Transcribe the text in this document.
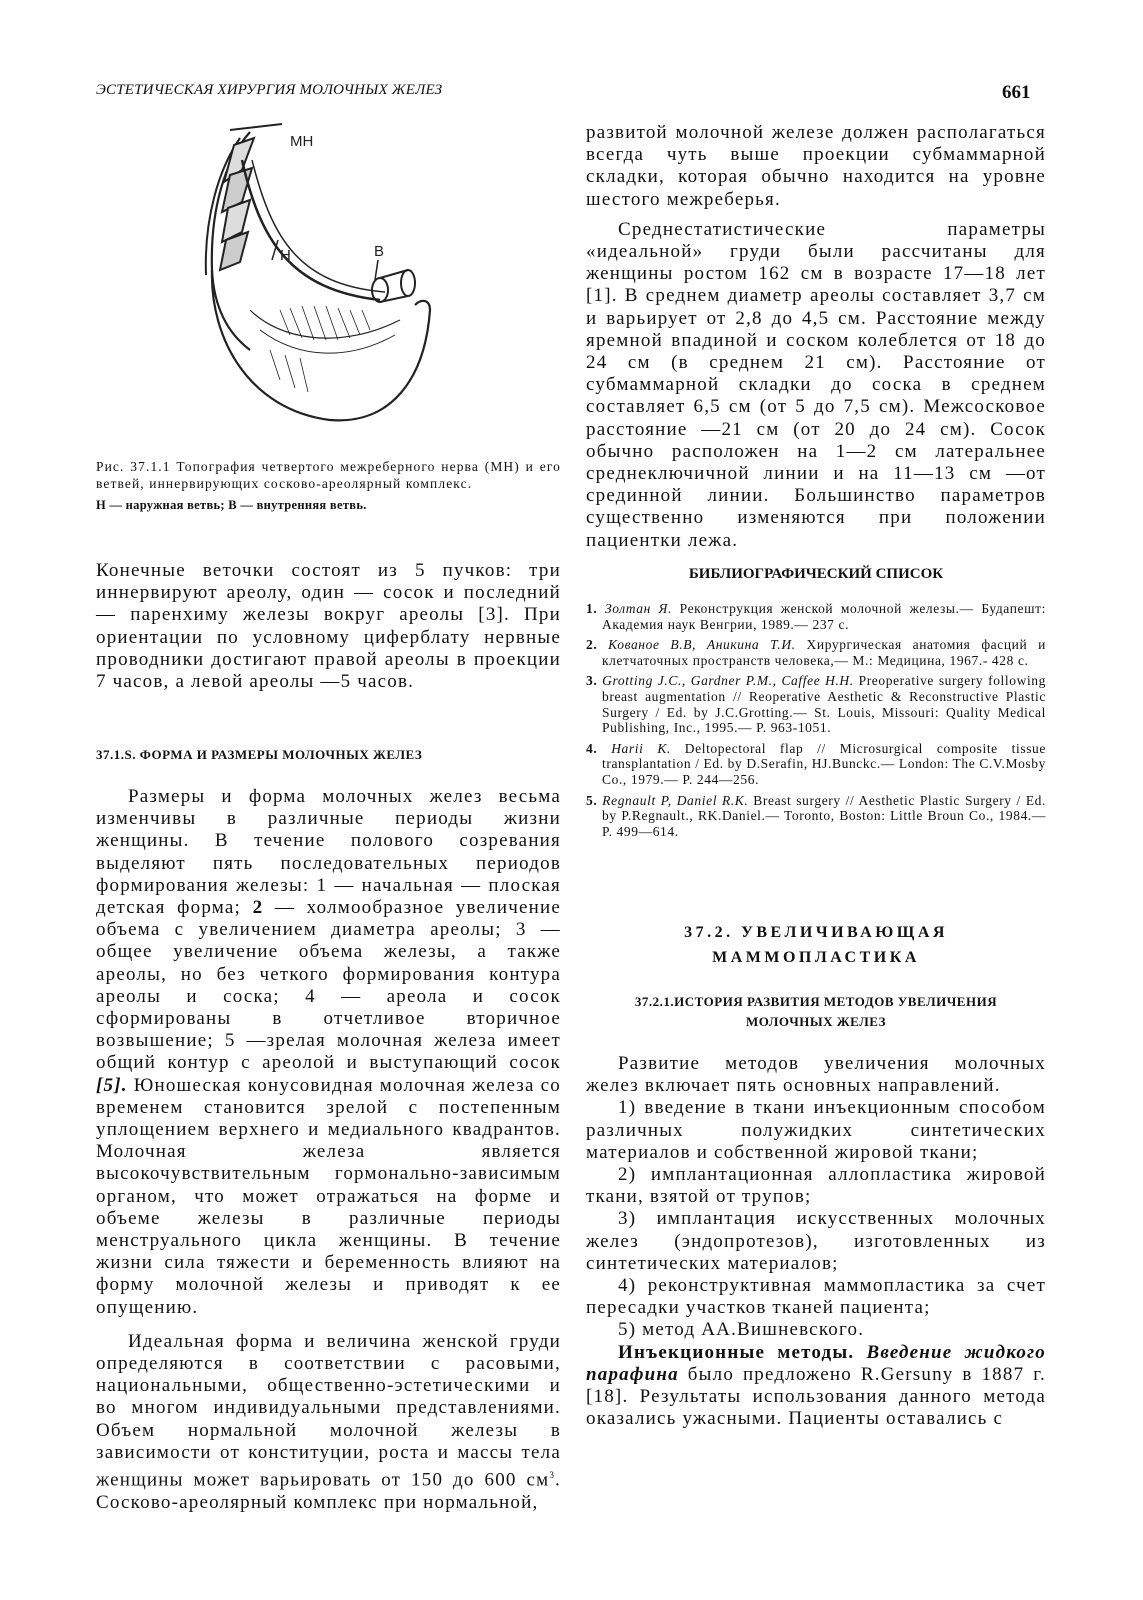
ЭСТЕТИЧЕСКАЯ ХИРУРГИЯ МОЛОЧНЫХ ЖЕЛЕЗ	661
МН
Н	В

Рис. 37.1.1 Топография четвертого межреберного нерва (МН) и его ветвей, иннервирующих сосково-ареолярный комплекс.

Н — наружная ветвь; В — внутренняя ветвь.

Конечные веточки состоят из 5 пучков: три иннервируют ареолу, один — сосок и последний — паренхиму железы вокруг ареолы [3]. При ориентации по условному циферблату нервные проводники достигают правой ареолы в проекции 7 часов, а левой ареолы —5 часов.

37.1.S. ФОРМА И РАЗМЕРЫ МОЛОЧНЫХ ЖЕЛЕЗ

Размеры и форма молочных желез весьма изменчивы в различные периоды жизни женщины. В течение полового созревания выделяют пять последовательных периодов формирования железы: 1 — начальная — плоская детская форма; 2 — холмообразное увеличение объема с увеличением диаметра ареолы; 3 —общее увеличение объема железы, а также ареолы, но без четкого формирования контура ареолы и соска; 4 — ареола и сосок сформированы в отчетливое вторичное возвышение; 5 —зрелая молочная железа имеет общий контур с ареолой и выступающий сосок [5]. Юношеская конусовидная молочная железа со временем становится зрелой с постепенным уплощением верхнего и медиального квадрантов. Молочная железа является высокочувствительным гормонально-зависимым органом, что может отражаться на форме и объеме железы в различные периоды менструального цикла женщины. В течение жизни сила тяжести и беременность влияют на форму молочной железы и приводят к ее опущению.

Идеальная форма и величина женской груди определяются в соответствии с расовыми, национальными, общественно-эстетическими и во многом индивидуальными представлениями. Объем нормальной молочной железы в зависимости от конституции, роста и массы тела женщины может варьировать от 150 до 600 $см^3$. Сосково-ареолярный комплекс при нормальной,

развитой молочной железе должен располагаться всегда чуть выше проекции субмаммарной складки, которая обычно находится на уровне шестого межреберья.

Среднестатистические параметры «идеальной» груди были рассчитаны для женщины ростом 162 см в возрасте 17—18 лет [1]. В среднем диаметр ареолы составляет 3,7 см и варьирует от 2,8 до 4,5 см. Расстояние между яремной впадиной и соском колеблется от 18 до 24 см (в среднем 21 см). Расстояние от субмаммарной складки до соска в среднем составляет 6,5 см (от 5 до 7,5 см). Межсосковое расстояние —21 см (от 20 до 24 см). Сосок обычно расположен на 1—2 см латеральнее среднеключичной линии и на 11—13 см —от срединной линии. Большинство параметров существенно изменяются при положении пациентки лежа.

БИБЛИОГРАФИЧЕСКИЙ СПИСОК

1. Золтан Я. Реконструкция женской молочной железы.— Будапешт: Академия наук Венгрии, 1989.— 237 с.

2. Кованое В.В, Аникина Т.И. Хирургическая анатомия фасций и клетчаточных пространств человека,— М.: Медицина, 1967.- 428 с.

3. Grotting J.C., Gardner P.M., Caffee H.H. Preoperative surgery following breast augmentation // Reoperative Aesthetic & Reconstructive Plastic Surgery / Ed. by J.C.Grotting.— St. Louis, Missouri: Quality Medical Publishing, Inc., 1995.— P. 963-1051.

4. Harii K. Deltopectoral flap // Microsurgical composite tissue transplantation / Ed. by D.Serafin, HJ.Bunckc.— London: The C.V.Mosby Co., 1979.— P. 244—256.

5. Regnault P, Daniel R.K. Breast surgery // Aesthetic Plastic Surgery / Ed. by P.Regnault., RK.Daniel.— Toronto, Boston: Little Broun Co., 1984.— P. 499—614.

37.2. УВЕЛИЧИВАЮЩАЯ
МАММОПЛАСТИКА
37.2.1.ИСТОРИЯ РАЗВИТИЯ МЕТОДОВ УВЕЛИЧЕНИЯ
МОЛОЧНЫХ ЖЕЛЕЗ

Развитие методов увеличения молочных желез включает пять основных направлений.

1) введение в ткани инъекционным способом различных полужидких синтетических материалов и собственной жировой ткани;

2) имплантационная аллопластика жировой ткани, взятой от трупов;

3) имплантация искусственных молочных желез (эндопротезов), изготовленных из синтетических материалов;

4) реконструктивная маммопластика за счет пересадки участков тканей пациента;

5) метод АА.Вишневского.

Инъекционные методы. Введение жидкого парафина было предложено R.Gersuny в 1887 г. [18]. Результаты использования данного метода оказались ужасными. Пациенты оставались с
